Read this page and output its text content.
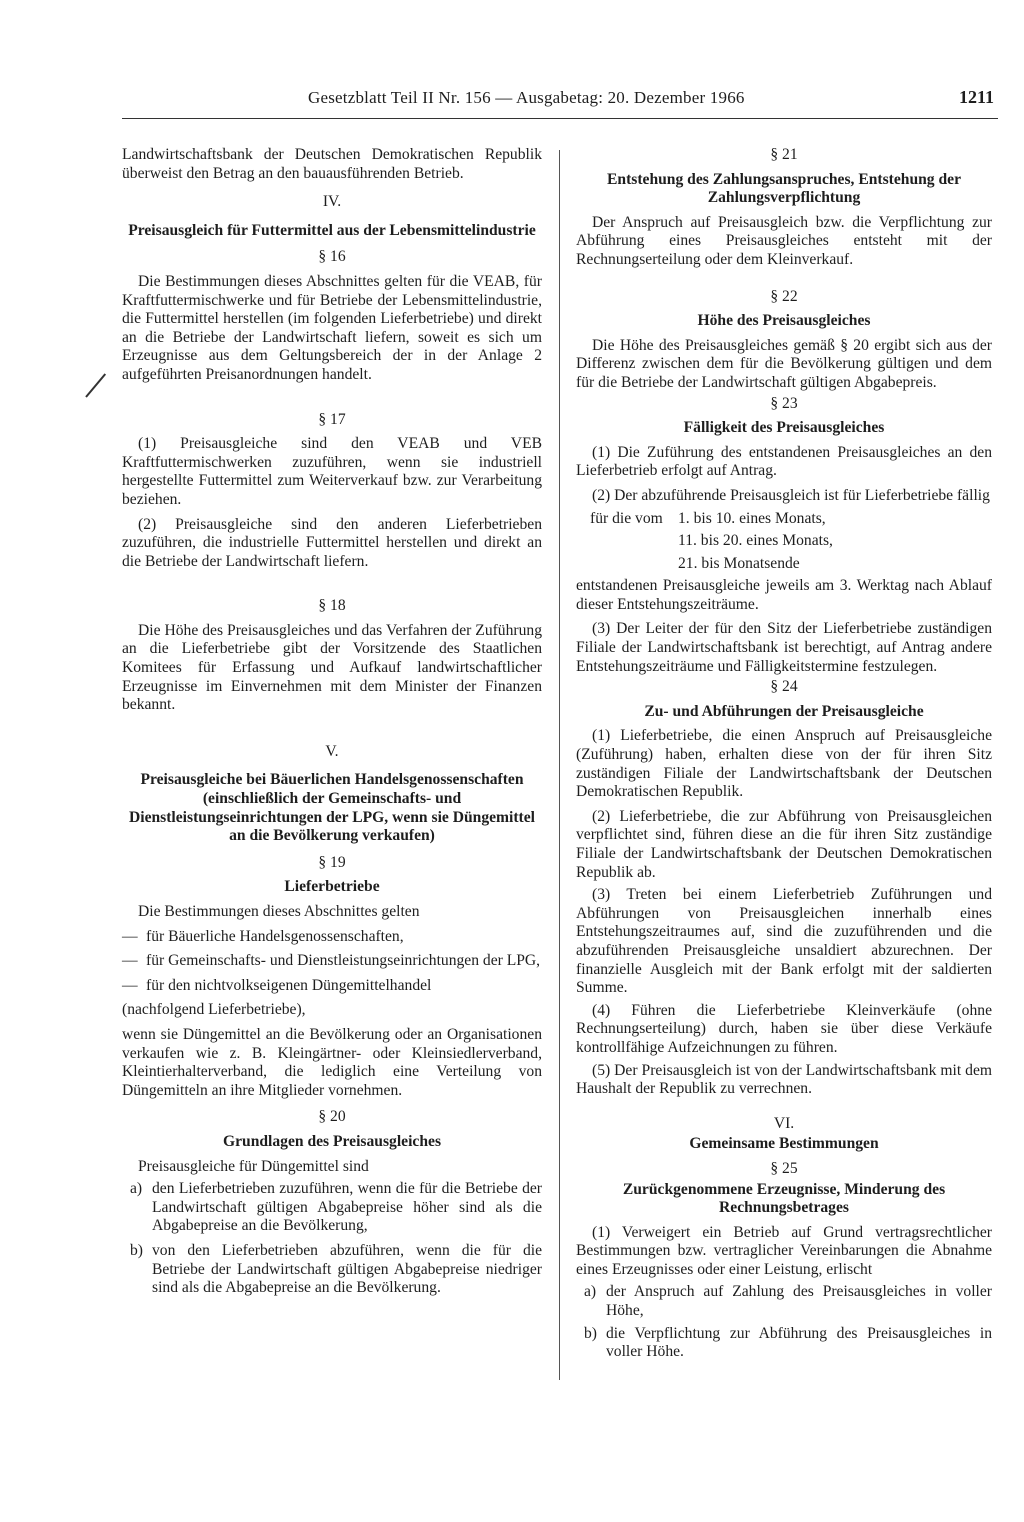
Gesetzblatt Teil II Nr. 156 — Ausgabetag: 20. Dezember 1966	1211

Landwirtschaftsbank der Deutschen Demokratischen Republik überweist den Betrag an den bauausführenden Betrieb.

IV.
Preisausgleich für Futtermittel aus der Lebensmittelindustrie
§ 16

Die Bestimmungen dieses Abschnittes gelten für die VEAB, für Kraftfuttermischwerke und für Betriebe der Lebensmittelindustrie, die Futtermittel herstellen (im folgenden Lieferbetriebe) und direkt an die Betriebe der Landwirtschaft liefern, soweit es sich um Erzeugnisse aus dem Geltungsbereich der in der Anlage 2 aufgeführten Preisanordnungen handelt.

§ 17

(1) Preisausgleiche sind den VEAB und VEB Kraftfuttermischwerken zuzuführen, wenn sie industriell hergestellte Futtermittel zum Weiterverkauf bzw. zur Verarbeitung beziehen.

(2) Preisausgleiche sind den anderen Lieferbetrieben zuzuführen, die industrielle Futtermittel herstellen und direkt an die Betriebe der Landwirtschaft liefern.

§ 18

Die Höhe des Preisausgleiches und das Verfahren der Zuführung an die Lieferbetriebe gibt der Vorsitzende des Staatlichen Komitees für Erfassung und Aufkauf landwirtschaftlicher Erzeugnisse im Einvernehmen mit dem Minister der Finanzen bekannt.

V.
Preisausgleiche bei Bäuerlichen Handelsgenossenschaften (einschließlich der Gemeinschafts- und Dienstleistungseinrichtungen der LPG, wenn sie Düngemittel an die Bevölkerung verkaufen)
§ 19
Lieferbetriebe

Die Bestimmungen dieses Abschnittes gelten

— für Bäuerliche Handelsgenossenschaften,
— für Gemeinschafts- und Dienstleistungseinrichtungen der LPG,
— für den nichtvolkseigenen Düngemittelhandel

(nachfolgend Lieferbetriebe),

wenn sie Düngemittel an die Bevölkerung oder an Organisationen verkaufen wie z. B. Kleingärtner- oder Kleinsiedlerverband, Kleintierhalterverband, die lediglich eine Verteilung von Düngemitteln an ihre Mitglieder vornehmen.

§ 20
Grundlagen des Preisausgleiches

Preisausgleiche für Düngemittel sind

a) den Lieferbetrieben zuzuführen, wenn die für die Betriebe der Landwirtschaft gültigen Abgabepreise höher sind als die Abgabepreise an die Bevölkerung,
b) von den Lieferbetrieben abzuführen, wenn die für die Betriebe der Landwirtschaft gültigen Abgabepreise niedriger sind als die Abgabepreise an die Bevölkerung.
§ 21
Entstehung des Zahlungsanspruches, Entstehung der Zahlungsverpflichtung

Der Anspruch auf Preisausgleich bzw. die Verpflichtung zur Abführung eines Preisausgleiches entsteht mit der Rechnungserteilung oder dem Kleinverkauf.

§ 22
Höhe des Preisausgleiches

Die Höhe des Preisausgleiches gemäß § 20 ergibt sich aus der Differenz zwischen dem für die Bevölkerung gültigen und dem für die Betriebe der Landwirtschaft gültigen Abgabepreis.

§ 23
Fälligkeit des Preisausgleiches

(1) Die Zuführung des entstandenen Preisausgleiches an den Lieferbetrieb erfolgt auf Antrag.

(2) Der abzuführende Preisausgleich ist für Lieferbetriebe fällig

für die vom 1. bis 10. eines Monats,
11. bis 20. eines Monats,
21. bis Monatsende

entstandenen Preisausgleiche jeweils am 3. Werktag nach Ablauf dieser Entstehungszeiträume.

(3) Der Leiter der für den Sitz der Lieferbetriebe zuständigen Filiale der Landwirtschaftsbank ist berechtigt, auf Antrag andere Entstehungszeiträume und Fälligkeitstermine festzulegen.

§ 24
Zu- und Abführungen der Preisausgleiche

(1) Lieferbetriebe, die einen Anspruch auf Preisausgleiche (Zuführung) haben, erhalten diese von der für ihren Sitz zuständigen Filiale der Landwirtschaftsbank der Deutschen Demokratischen Republik.

(2) Lieferbetriebe, die zur Abführung von Preisausgleichen verpflichtet sind, führen diese an die für ihren Sitz zuständige Filiale der Landwirtschaftsbank der Deutschen Demokratischen Republik ab.

(3) Treten bei einem Lieferbetrieb Zuführungen und Abführungen von Preisausgleichen innerhalb eines Entstehungszeitraumes auf, sind die zuzuführenden und die abzuführenden Preisausgleiche unsaldiert abzurechnen. Der finanzielle Ausgleich mit der Bank erfolgt mit der saldierten Summe.

(4) Führen die Lieferbetriebe Kleinverkäufe (ohne Rechnungserteilung) durch, haben sie über diese Verkäufe kontrollfähige Aufzeichnungen zu führen.

(5) Der Preisausgleich ist von der Landwirtschaftsbank mit dem Haushalt der Republik zu verrechnen.

VI.
Gemeinsame Bestimmungen
§ 25
Zurückgenommene Erzeugnisse, Minderung des Rechnungsbetrages

(1) Verweigert ein Betrieb auf Grund vertragsrechtlicher Bestimmungen bzw. vertraglicher Vereinbarungen die Abnahme eines Erzeugnisses oder einer Leistung, erlischt

a) der Anspruch auf Zahlung des Preisausgleiches in voller Höhe,
b) die Verpflichtung zur Abführung des Preisausgleiches in voller Höhe.
